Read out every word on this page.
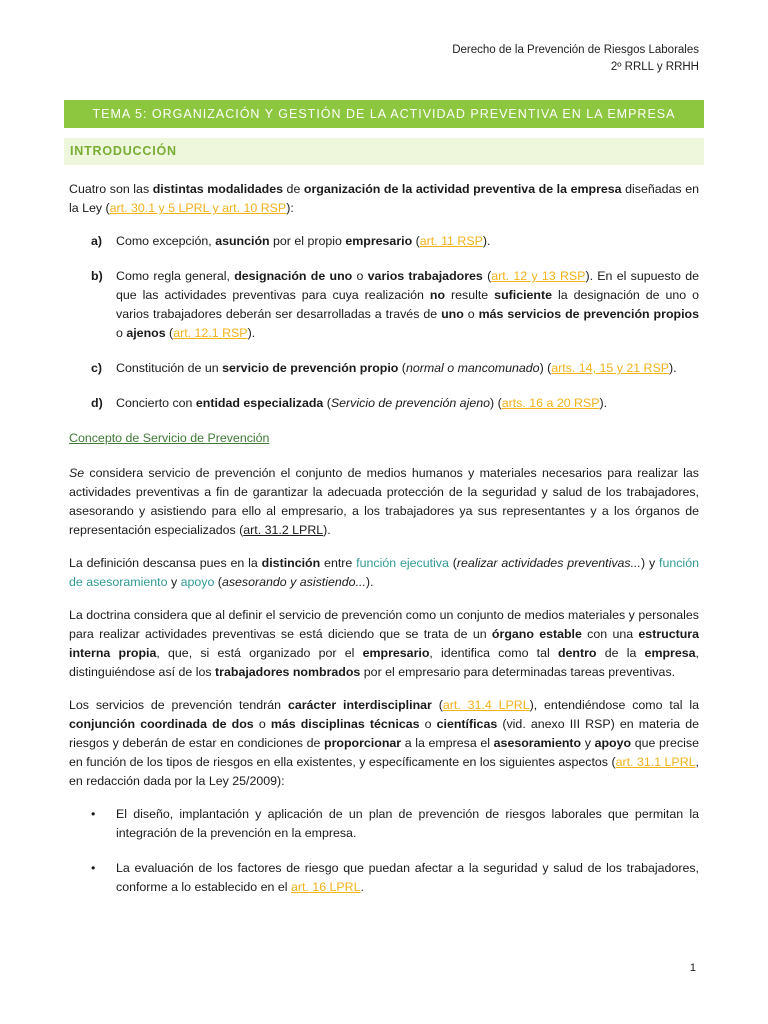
Derecho de la Prevención de Riesgos Laborales
2º RRLL y RRHH
TEMA 5: ORGANIZACIÓN Y GESTIÓN DE LA ACTIVIDAD PREVENTIVA EN LA EMPRESA
INTRODUCCIÓN

Cuatro son las distintas modalidades de organización de la actividad preventiva de la empresa diseñadas en la Ley (art. 30.1 y 5 LPRL y art. 10 RSP):

a) Como excepción, asunción por el propio empresario (art. 11 RSP).
b) Como regla general, designación de uno o varios trabajadores (art. 12 y 13 RSP). En el supuesto de que las actividades preventivas para cuya realización no resulte suficiente la designación de uno o varios trabajadores deberán ser desarrolladas a través de uno o más servicios de prevención propios o ajenos (art. 12.1 RSP).
c) Constitución de un servicio de prevención propio (normal o mancomunado) (arts. 14, 15 y 21 RSP).
d) Concierto con entidad especializada (Servicio de prevención ajeno) (arts. 16 a 20 RSP).

Concepto de Servicio de Prevención

Se considera servicio de prevención el conjunto de medios humanos y materiales necesarios para realizar las actividades preventivas a fin de garantizar la adecuada protección de la seguridad y salud de los trabajadores, asesorando y asistiendo para ello al empresario, a los trabajadores ya sus representantes y a los órganos de representación especializados (art. 31.2 LPRL).

La definición descansa pues en la distinción entre función ejecutiva (realizar actividades preventivas...) y función de asesoramiento y apoyo (asesorando y asistiendo...).

La doctrina considera que al definir el servicio de prevención como un conjunto de medios materiales y personales para realizar actividades preventivas se está diciendo que se trata de un órgano estable con una estructura interna propia, que, si está organizado por el empresario, identifica como tal dentro de la empresa, distinguiéndose así de los trabajadores nombrados por el empresario para determinadas tareas preventivas.

Los servicios de prevención tendrán carácter interdisciplinar (art. 31.4 LPRL), entendiéndose como tal la conjunción coordinada de dos o más disciplinas técnicas o científicas (vid. anexo III RSP) en materia de riesgos y deberán de estar en condiciones de proporcionar a la empresa el asesoramiento y apoyo que precise en función de los tipos de riesgos en ella existentes, y específicamente en los siguientes aspectos (art. 31.1 LPRL, en redacción dada por la Ley 25/2009):

• El diseño, implantación y aplicación de un plan de prevención de riesgos laborales que permitan la integración de la prevención en la empresa.
• La evaluación de los factores de riesgo que puedan afectar a la seguridad y salud de los trabajadores, conforme a lo establecido en el art. 16 LPRL.
1
